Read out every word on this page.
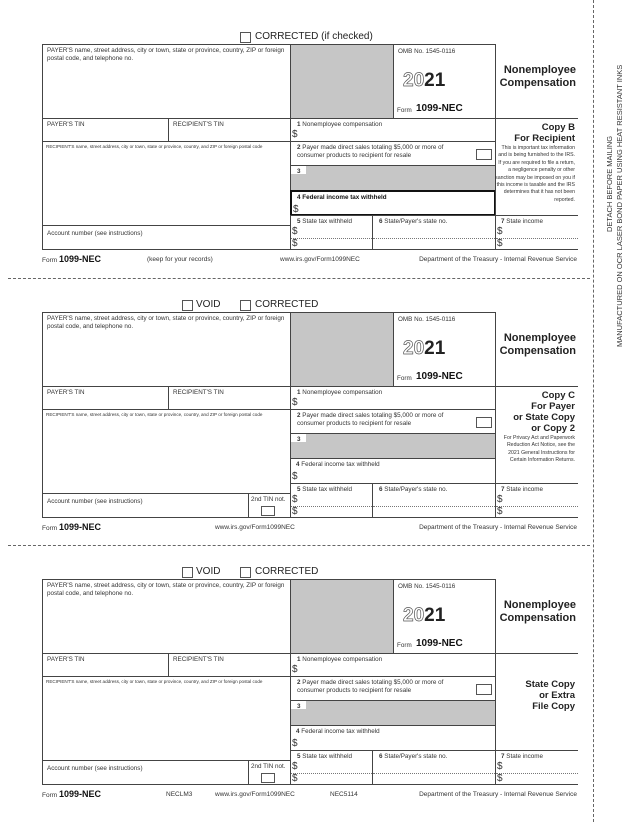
CORRECTED (if checked)
PAYER'S name, street address, city or town, state or province, country, ZIP or foreign postal code, and telephone no.
PAYER'S TIN	RECIPIENT'S TIN
RECIPIENT'S name, street address, city or town, state or province, country, and ZIP or foreign postal code
Account number (see instructions)
OMB No. 1545-0116
2021
Form 1099-NEC
Nonemployee
Compensation
1 Nonemployee compensation
$
2 Payer made direct sales totaling $5,000 or more of consumer products to recipient for resale
3
4 Federal income tax withheld
$
Copy B
For Recipient
This is important tax information and is being furnished to the IRS. If you are required to file a return, a negligence penalty or other sanction may be imposed on you if this income is taxable and the IRS determines that it has not been reported.
5 State tax withheld
$
$
6 State/Payer's state no.	7 State income
$
$
Form 1099-NEC	(keep for your records)	www.irs.gov/Form1099NEC	Department of the Treasury - Internal Revenue Service
VOID	CORRECTED
PAYER'S name, street address, city or town, state or province, country, ZIP or foreign postal code, and telephone no.
PAYER'S TIN	RECIPIENT'S TIN
RECIPIENT'S name, street address, city or town, state or province, country, and ZIP or foreign postal code
Account number (see instructions)	2nd TIN not.
OMB No. 1545-0116
2021
Form 1099-NEC
Nonemployee
Compensation
1 Nonemployee compensation
$
2 Payer made direct sales totaling $5,000 or more of consumer products to recipient for resale
3
4 Federal income tax withheld
$
Copy C
For Payer
or State Copy
or Copy 2
For Privacy Act and Paperwork Reduction Act Notice, see the 2021 General Instructions for Certain Information Returns.
5 State tax withheld
$
$
6 State/Payer's state no.	7 State income
$
$
Form 1099-NEC	www.irs.gov/Form1099NEC	Department of the Treasury - Internal Revenue Service
VOID	CORRECTED
PAYER'S name, street address, city or town, state or province, country, ZIP or foreign postal code, and telephone no.
PAYER'S TIN	RECIPIENT'S TIN
RECIPIENT'S name, street address, city or town, state or province, country, and ZIP or foreign postal code
Account number (see instructions)	2nd TIN not.
OMB No. 1545-0116
2021
Form 1099-NEC
Nonemployee
Compensation
1 Nonemployee compensation
$
2 Payer made direct sales totaling $5,000 or more of consumer products to recipient for resale
3
4 Federal income tax withheld
$
State Copy
or Extra
File Copy
5 State tax withheld
$
$
6 State/Payer's state no.	7 State income
$
$
Form 1099-NEC	NECLM3	NEC5114
www.irs.gov/Form1099NEC	Department of the Treasury - Internal Revenue Service
DETACH BEFORE MAILING MANUFACTURED ON OCR LASER BOND PAPER USING HEAT RESISTANT INKS
